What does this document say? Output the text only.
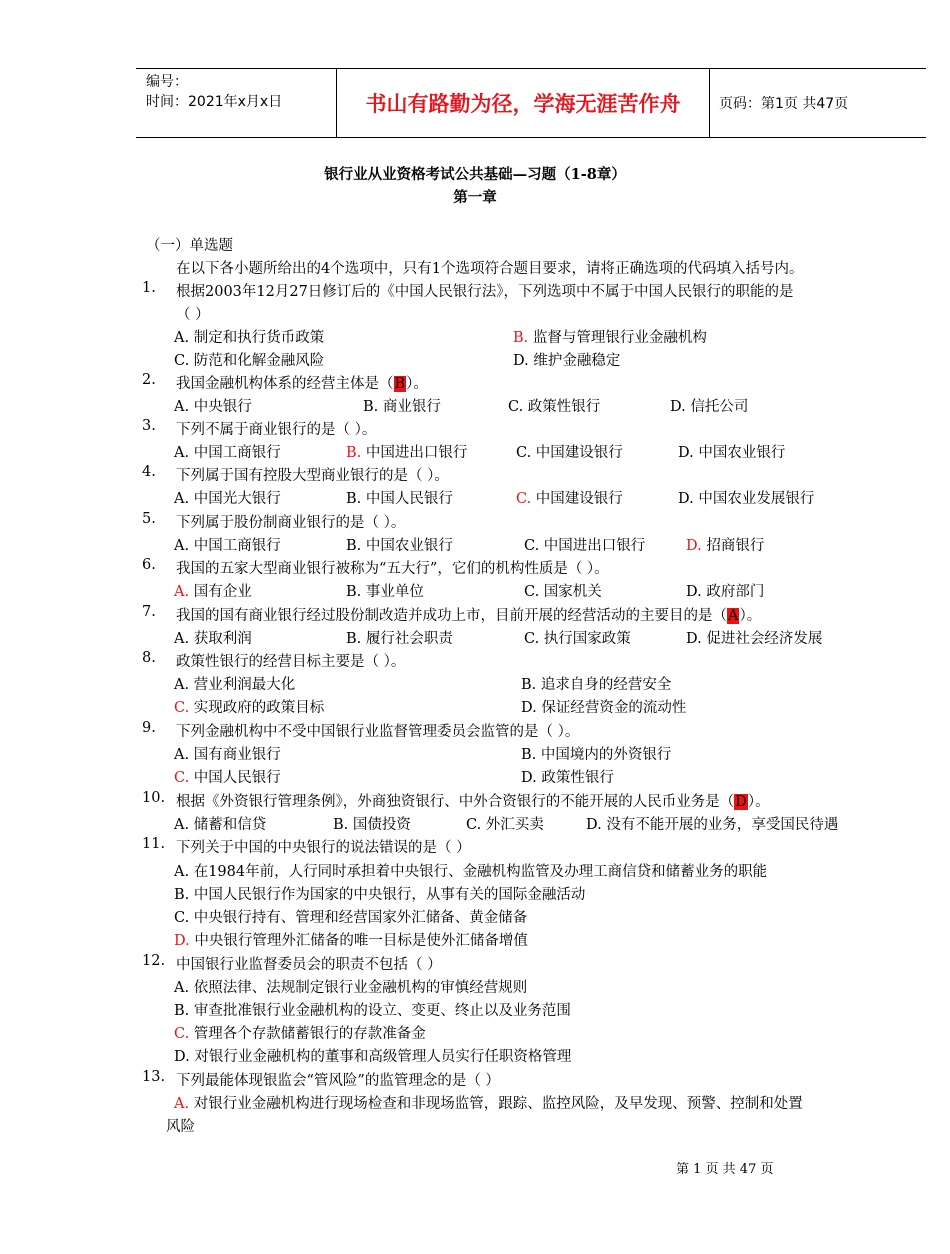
编号：
时间：2021年x月x日	书山有路勤为径，学海无涯苦作舟	页码：第1页 共47页
银行业从业资格考试公共基础—习题（1-8章）
第一章
（一）单选题
在以下各小题所给出的4个选项中，只有1个选项符合题目要求，请将正确选项的代码填入括号内。
1. 根据2003年12月27日修订后的《中国人民银行法》，下列选项中不属于中国人民银行的职能的是
（ ）
A. 制定和执行货币政策	B. 监督与管理银行业金融机构
C. 防范和化解金融风险	D. 维护金融稳定
2. 我国金融机构体系的经营主体是（B）。
A. 中央银行	B. 商业银行	C. 政策性银行	D. 信托公司
3. 下列不属于商业银行的是（ ）。
A. 中国工商银行	B. 中国进出口银行	C. 中国建设银行	D. 中国农业银行
4. 下列属于国有控股大型商业银行的是（ ）。
A. 中国光大银行	B. 中国人民银行	C. 中国建设银行	D. 中国农业发展银行
5. 下列属于股份制商业银行的是（ ）。
A. 中国工商银行	B. 中国农业银行	C. 中国进出口银行	D. 招商银行
6. 我国的五家大型商业银行被称为“五大行”，它们的机构性质是（ ）。
A. 国有企业	B. 事业单位	C. 国家机关	D. 政府部门
7. 我国的国有商业银行经过股份制改造并成功上市，目前开展的经营活动的主要目的是（A）。
A. 获取利润	B. 履行社会职责	C. 执行国家政策	D. 促进社会经济发展
8. 政策性银行的经营目标主要是（ ）。
A. 营业利润最大化	B. 追求自身的经营安全
C. 实现政府的政策目标	D. 保证经营资金的流动性
9. 下列金融机构中不受中国银行业监督管理委员会监管的是（ ）。
A. 国有商业银行	B. 中国境内的外资银行
C. 中国人民银行	D. 政策性银行
10. 根据《外资银行管理条例》，外商独资银行、中外合资银行的不能开展的人民币业务是（D）。
A. 储蓄和信贷	B. 国债投资	C. 外汇买卖	D. 没有不能开展的业务，享受国民待遇
11. 下列关于中国的中央银行的说法错误的是（ ）
A. 在1984年前，人行同时承担着中央银行、金融机构监管及办理工商信贷和储蓄业务的职能
B. 中国人民银行作为国家的中央银行，从事有关的国际金融活动
C. 中央银行持有、管理和经营国家外汇储备、黄金储备
D. 中央银行管理外汇储备的唯一目标是使外汇储备增值
12. 中国银行业监督委员会的职责不包括（ ）
A. 依照法律、法规制定银行业金融机构的审慎经营规则
B. 审查批准银行业金融机构的设立、变更、终止以及业务范围
C. 管理各个存款储蓄银行的存款准备金
D. 对银行业金融机构的董事和高级管理人员实行任职资格管理
13. 下列最能体现银监会“管风险”的监管理念的是（ ）
A. 对银行业金融机构进行现场检查和非现场监管，跟踪、监控风险，及早发现、预警、控制和处置
风险
第 1 页 共 47 页
